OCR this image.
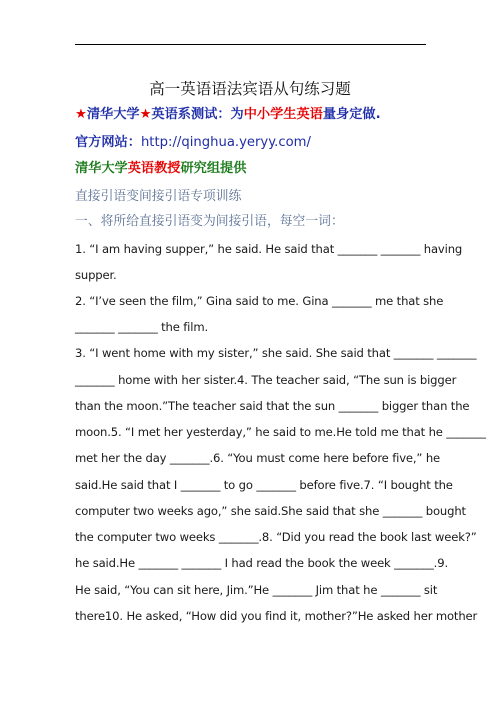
高一英语语法宾语从句练习题
★清华大学★英语系测试：为中小学生英语量身定做.
官方网站：http://qinghua.yeryy.com/
清华大学英语教授研究组提供
直接引语变间接引语专项训练
一、将所给直接引语变为间接引语，每空一词：
1. “I am having supper,” he said. He said that _______ _______ having
supper.
2. “I’ve seen the film,” Gina said to me. Gina _______ me that she
_______ _______ the film.
3. “I went home with my sister,” she said. She said that _______ _______
_______ home with her sister.4. The teacher said, “The sun is bigger
than the moon.”The teacher said that the sun _______ bigger than the
moon.5. “I met her yesterday,” he said to me.He told me that he _______
met her the day _______.6. “You must come here before five,” he
said.He said that I _______ to go _______ before five.7. “I bought the
computer two weeks ago,” she said.She said that she _______ bought
the computer two weeks _______.8. “Did you read the book last week?”
he said.He _______ _______ I had read the book the week _______.9.
He said, “You can sit here, Jim.”He _______ Jim that he _______ sit
there10. He asked, “How did you find it, mother?”He asked her mother
